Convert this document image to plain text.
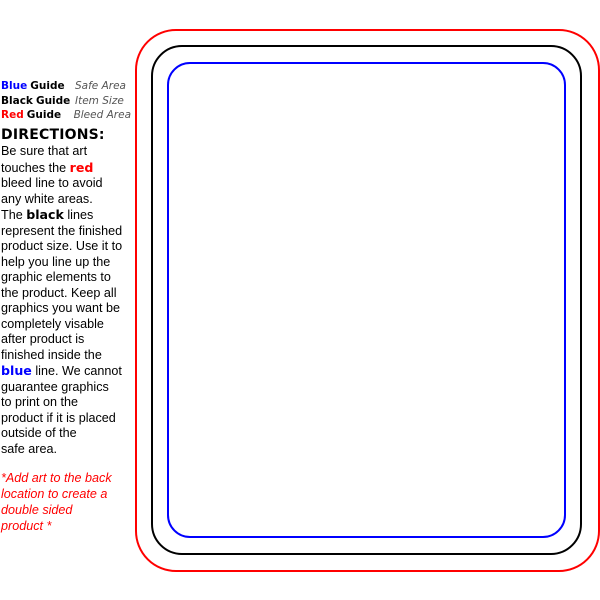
Blue Guide Safe Area
Black Guide Item Size
Red Guide	Bleed Area
DIRECTIONS:
Be sure that art
touches the red
bleed line to avoid
any white areas.
The black lines
represent the finished
product size. Use it to
help you line up the
graphic elements to
the product. Keep all
graphics you want be
completely visable
after product is
finished inside the
blue line. We cannot
guarantee graphics
to print on the
product if it is placed
outside of the
safe area.
*Add art to the back
location to create a
double sided
product *
